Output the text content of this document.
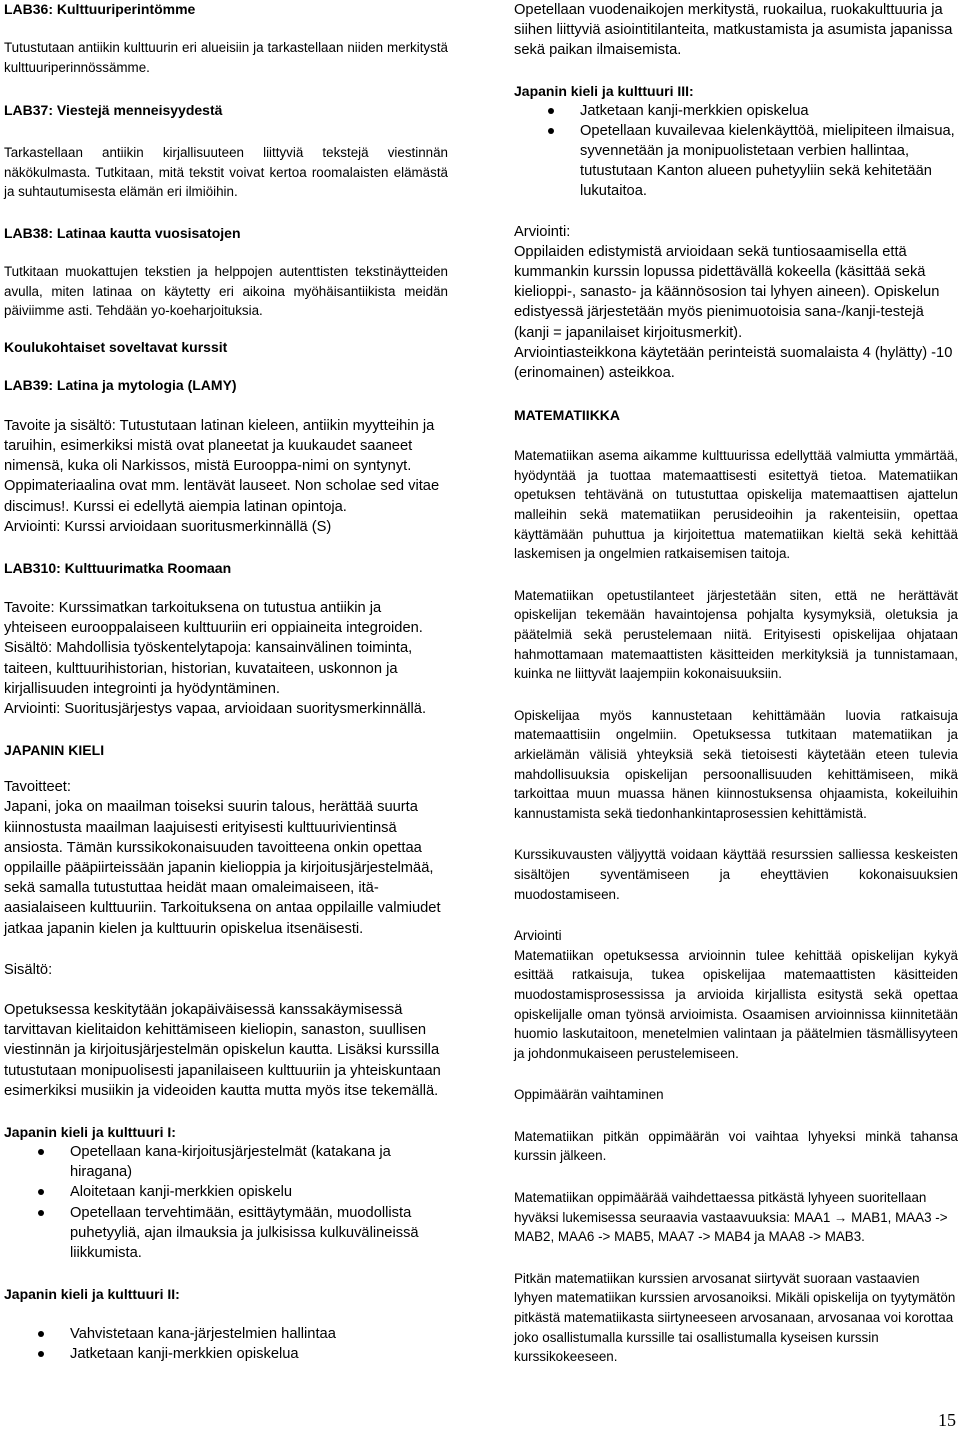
LAB36: Kulttuuriperintömme

Tutustutaan antiikin kulttuurin eri alueisiin ja tarkastellaan niiden merkitystä kulttuuriperinnössämme.

LAB37: Viestejä menneisyydestä

Tarkastellaan antiikin kirjallisuuteen liittyviä tekstejä viestinnän näkökulmasta. Tutkitaan, mitä tekstit voivat kertoa roomalaisten elämästä ja suhtautumisesta elämän eri ilmiöihin.

LAB38: Latinaa kautta vuosisatojen

Tutkitaan muokattujen tekstien ja helppojen autenttisten tekstinäytteiden avulla, miten latinaa on käytetty eri aikoina myöhäisantiikista meidän päiviimme asti. Tehdään yo-koeharjoituksia.

Koulukohtaiset soveltavat kurssit
LAB39: Latina ja mytologia (LAMY)

Tavoite ja sisältö: Tutustutaan latinan kieleen, antiikin myytteihin ja taruihin, esimerkiksi mistä ovat planeetat ja kuukaudet saaneet nimensä, kuka oli Narkissos, mistä Eurooppa-nimi on syntynyt.

Oppimateriaalina ovat mm. lentävät lauseet. Non scholae sed vitae discimus!. Kurssi ei edellytä aiempia latinan opintoja.

Arviointi: Kurssi arvioidaan suoritusmerkinnällä (S)

LAB310: Kulttuurimatka Roomaan

Tavoite: Kurssimatkan tarkoituksena on tutustua antiikin ja yhteiseen eurooppalaiseen kulttuuriin eri oppiaineita integroiden.

Sisältö: Mahdollisia työskentelytapoja: kansainvälinen toiminta, taiteen, kulttuurihistorian, historian, kuvataiteen, uskonnon ja kirjallisuuden integrointi ja hyödyntäminen.

Arviointi: Suoritusjärjestys vapaa, arvioidaan suoritysmerkinnällä.

JAPANIN KIELI

Tavoitteet:

Japani, joka on maailman toiseksi suurin talous, herättää suurta kiinnostusta maailman laajuisesti erityisesti kulttuurivientinsä ansiosta. Tämän kurssikokonaisuuden tavoitteena onkin opettaa oppilaille pääpiirteissään japanin kielioppia ja kirjoitusjärjestelmää, sekä samalla tutustuttaa heidät maan omaleimaiseen, itä-aasialaiseen kulttuuriin. Tarkoituksena on antaa oppilaille valmiudet jatkaa japanin kielen ja kulttuurin opiskelua itsenäisesti.

Sisältö:

Opetuksessa keskitytään jokapäiväisessä kanssakäymisessä tarvittavan kielitaidon kehittämiseen kieliopin, sanaston, suullisen viestinnän ja kirjoitusjärjestelmän opiskelun kautta. Lisäksi kurssilla tutustutaan monipuolisesti japanilaiseen kulttuuriin ja yhteiskuntaan esimerkiksi musiikin ja videoiden kautta mutta myös itse tekemällä.

Japanin kieli ja kulttuuri I:
Opetellaan kana-kirjoitusjärjestelmät (katakana ja hiragana)
Aloitetaan kanji-merkkien opiskelu
Opetellaan tervehtimään, esittäytymään, muodollista puhetyyliä, ajan ilmauksia ja julkisissa kulkuvälineissä liikkumista.
Japanin kieli ja kulttuuri II:
Vahvistetaan kana-järjestelmien hallintaa
Jatketaan kanji-merkkien opiskelua

Opetellaan vuodenaikojen merkitystä, ruokailua, ruokakulttuuria ja siihen liittyviä asiointitilanteita, matkustamista ja asumista japanissa sekä paikan ilmaisemista.

Japanin kieli ja kulttuuri III:
Jatketaan kanji-merkkien opiskelua
Opetellaan kuvailevaa kielenkäyttöä, mielipiteen ilmaisua, syvennetään ja monipuolistetaan verbien hallintaa, tutustutaan Kanton alueen puhetyyliin sekä kehitetään lukutaitoa.

Arviointi:

Oppilaiden edistymistä arvioidaan sekä tuntiosaamisella että kummankin kurssin lopussa pidettävällä kokeella (käsittää sekä kielioppi-, sanasto- ja käännösosion tai lyhyen aineen). Opiskelun edistyessä järjestetään myös pienimuotoisia sana-/kanji-testejä (kanji = japanilaiset kirjoitusmerkit).

Arviointiasteikkona käytetään perinteistä suomalaista 4 (hylätty) -10 (erinomainen) asteikkoa.

MATEMATIIKKA

Matematiikan asema aikamme kulttuurissa edellyttää valmiutta ymmärtää, hyödyntää ja tuottaa matemaattisesti esitettyä tietoa. Matematiikan opetuksen tehtävänä on tutustuttaa opiskelija matemaattisen ajattelun malleihin sekä matematiikan perusideoihin ja rakenteisiin, opettaa käyttämään puhuttua ja kirjoitettua matematiikan kieltä sekä kehittää laskemisen ja ongelmien ratkaisemisen taitoja.

Matematiikan opetustilanteet järjestetään siten, että ne herättävät opiskelijan tekemään havaintojensa pohjalta kysymyksiä, oletuksia ja päätelmiä sekä perustelemaan niitä. Erityisesti opiskelijaa ohjataan hahmottamaan matemaattisten käsitteiden merkityksiä ja tunnistamaan, kuinka ne liittyvät laajempiin kokonaisuuksiin.

Opiskelijaa myös kannustetaan kehittämään luovia ratkaisuja matemaattisiin ongelmiin. Opetuksessa tutkitaan matematiikan ja arkielämän välisiä yhteyksiä sekä tietoisesti käytetään eteen tulevia mahdollisuuksia opiskelijan persoonallisuuden kehittämiseen, mikä tarkoittaa muun muassa hänen kiinnostuksensa ohjaamista, kokeiluihin kannustamista sekä tiedonhankintaprosessien kehittämistä.

Kurssikuvausten väljyyttä voidaan käyttää resurssien salliessa keskeisten sisältöjen syventämiseen ja eheyttävien kokonaisuuksien muodostamiseen.

Arviointi

Matematiikan opetuksessa arvioinnin tulee kehittää opiskelijan kykyä esittää ratkaisuja, tukea opiskelijaa matemaattisten käsitteiden muodostamisprosessissa ja arvioida kirjallista esitystä sekä opettaa opiskelijalle oman työnsä arvioimista. Osaamisen arvioinnissa kiinnitetään huomio laskutaitoon, menetelmien valintaan ja päätelmien täsmällisyyteen ja johdonmukaiseen perustelemiseen.

Oppimäärän vaihtaminen

Matematiikan pitkän oppimäärän voi vaihtaa lyhyeksi minkä tahansa kurssin jälkeen.

Matematiikan oppimäärää vaihdettaessa pitkästä lyhyeen suoritellaan hyväksi lukemisessa seuraavia vastaavuuksia: MAA1 → MAB1, MAA3 -> MAB2, MAA6 -> MAB5, MAA7 -> MAB4 ja MAA8 -> MAB3.

Pitkän matematiikan kurssien arvosanat siirtyvät suoraan vastaavien lyhyen matematiikan kurssien arvosanoiksi. Mikäli opiskelija on tyytymätön pitkästä matematiikasta siirtyneeseen arvosanaan, arvosanaa voi korottaa joko osallistumalla kurssille tai osallistumalla kyseisen kurssin kurssikokeeseen.

15
